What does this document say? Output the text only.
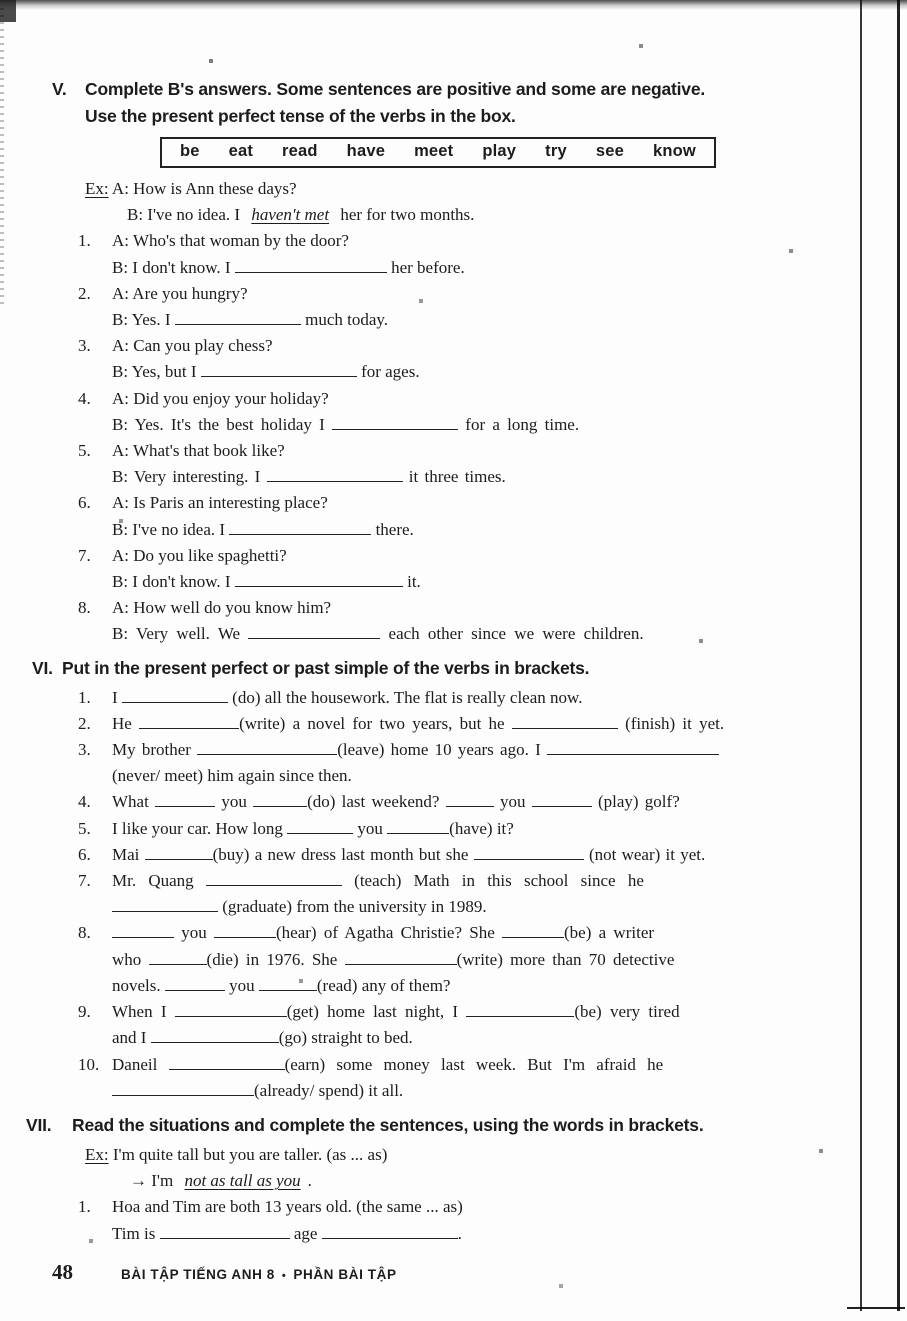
V.	Complete B's answers. Some sentences are positive and some are negative.
Use the present perfect tense of the verbs in the box.
be eat read have meet play try see know
Ex: A: How is Ann these days?
B: I've no idea. I haven't met her for two months.
1. A: Who's that woman by the door?
B: I don't know. I	her before.
2. A: Are you hungry?
B: Yes. I	much today.
3. A: Can you play chess?
B: Yes, but I	for ages.
4. A: Did you enjoy your holiday?
B: Yes. It's the best holiday I	for a long time.
5. A: What's that book like?
B: Very interesting. I	it three times.
6. A: Is Paris an interesting place?
B: I've no idea. I	there.
7. A: Do you like spaghetti?
B: I don't know. I	it.
8. A: How well do you know him?
B: Very well. We	each other since we were children.
VI. Put in the present perfect or past simple of the verbs in brackets.
1. I	(do) all the housework. The flat is really clean now.
2. He	(write) a novel for two years, but he	(finish) it yet.
3. My brother	(leave) home 10 years ago. I
(never/ meet) him again since then.
4. What	you	(do) last weekend?	you	(play) golf?
5. I like your car. How long	you	(have) it?
6. Mai	(buy) a new dress last month but she	(not wear) it yet.
7. Mr. Quang	(teach) Math in this school since he
(graduate) from the university in 1989.
8.	you	(hear) of Agatha Christie? She	(be) a writer
who	(die) in 1976. She	(write) more than 70 detective
novels.	you	(read) any of them?
9. When I	(get) home last night, I	(be) very tired
and I	(go) straight to bed.
10. Daneil	(earn) some money last week. But I'm afraid he
(already/ spend) it all.
VII.	Read the situations and complete the sentences, using the words in brackets.
Ex: I'm quite tall but you are taller. (as ... as)
→ I'm not as tall as you .
1. Hoa and Tim are both 13 years old. (the same ... as)
Tim is	age	.
48	BÀI TẬP TIẾNG ANH 8 • PHẦN BÀI TẬP
